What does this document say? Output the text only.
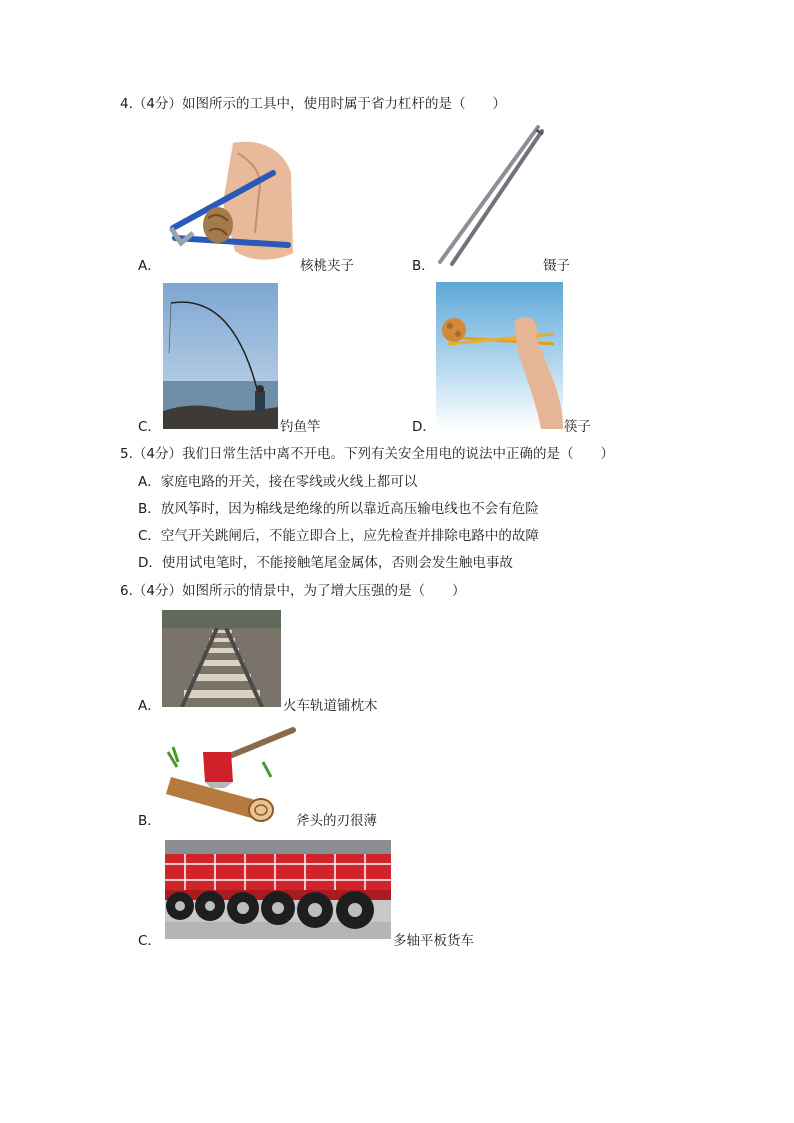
4.（4分）如图所示的工具中，使用时属于省力杠杆的是（　　）
A．	核桃夹子	B．	镊子
C．	钓鱼竿	D．	筷子
5.（4分）我们日常生活中离不开电。下列有关安全用电的说法中正确的是（　　）
A．家庭电路的开关，接在零线或火线上都可以
B．放风筝时，因为棉线是绝缘的所以靠近高压输电线也不会有危险
C．空气开关跳闸后，不能立即合上，应先检查并排除电路中的故障
D．使用试电笔时，不能接触笔尾金属体，否则会发生触电事故
6.（4分）如图所示的情景中，为了增大压强的是（　　）
A．	火车轨道铺枕木
B．	斧头的刃很薄
C．	多轴平板货车
